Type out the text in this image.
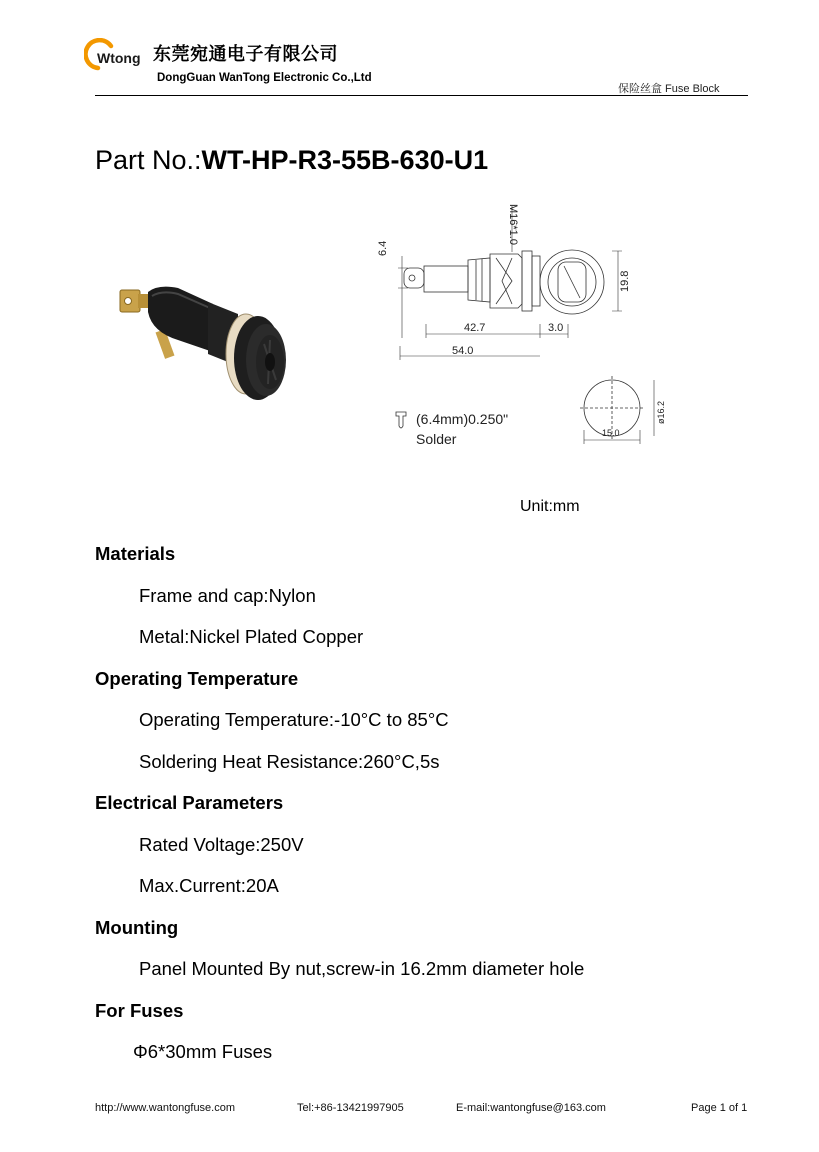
Wtong 东莞宛通电子有限公司
DongGuan WanTong Electronic Co.,Ltd
保险丝盒 Fuse Block
Part No.:WT-HP-R3-55B-630-U1
6.4
M16*1.0
19.8
42.7	3.0
54.0
ø16.2
15.0
(6.4mm)0.250"
Solder
Unit:mm
Materials
Frame and cap:Nylon
Metal:Nickel Plated Copper
Operating Temperature
Operating Temperature:-10°C to 85°C
Soldering Heat Resistance:260°C,5s
Electrical Parameters
Rated Voltage:250V
Max.Current:20A
Mounting
Panel Mounted By nut,screw-in 16.2mm diameter hole
For Fuses
Φ6*30mm Fuses
http://www.wantongfuse.com	Tel:+86-13421997905	E-mail:wantongfuse@163.com	Page 1 of 1
